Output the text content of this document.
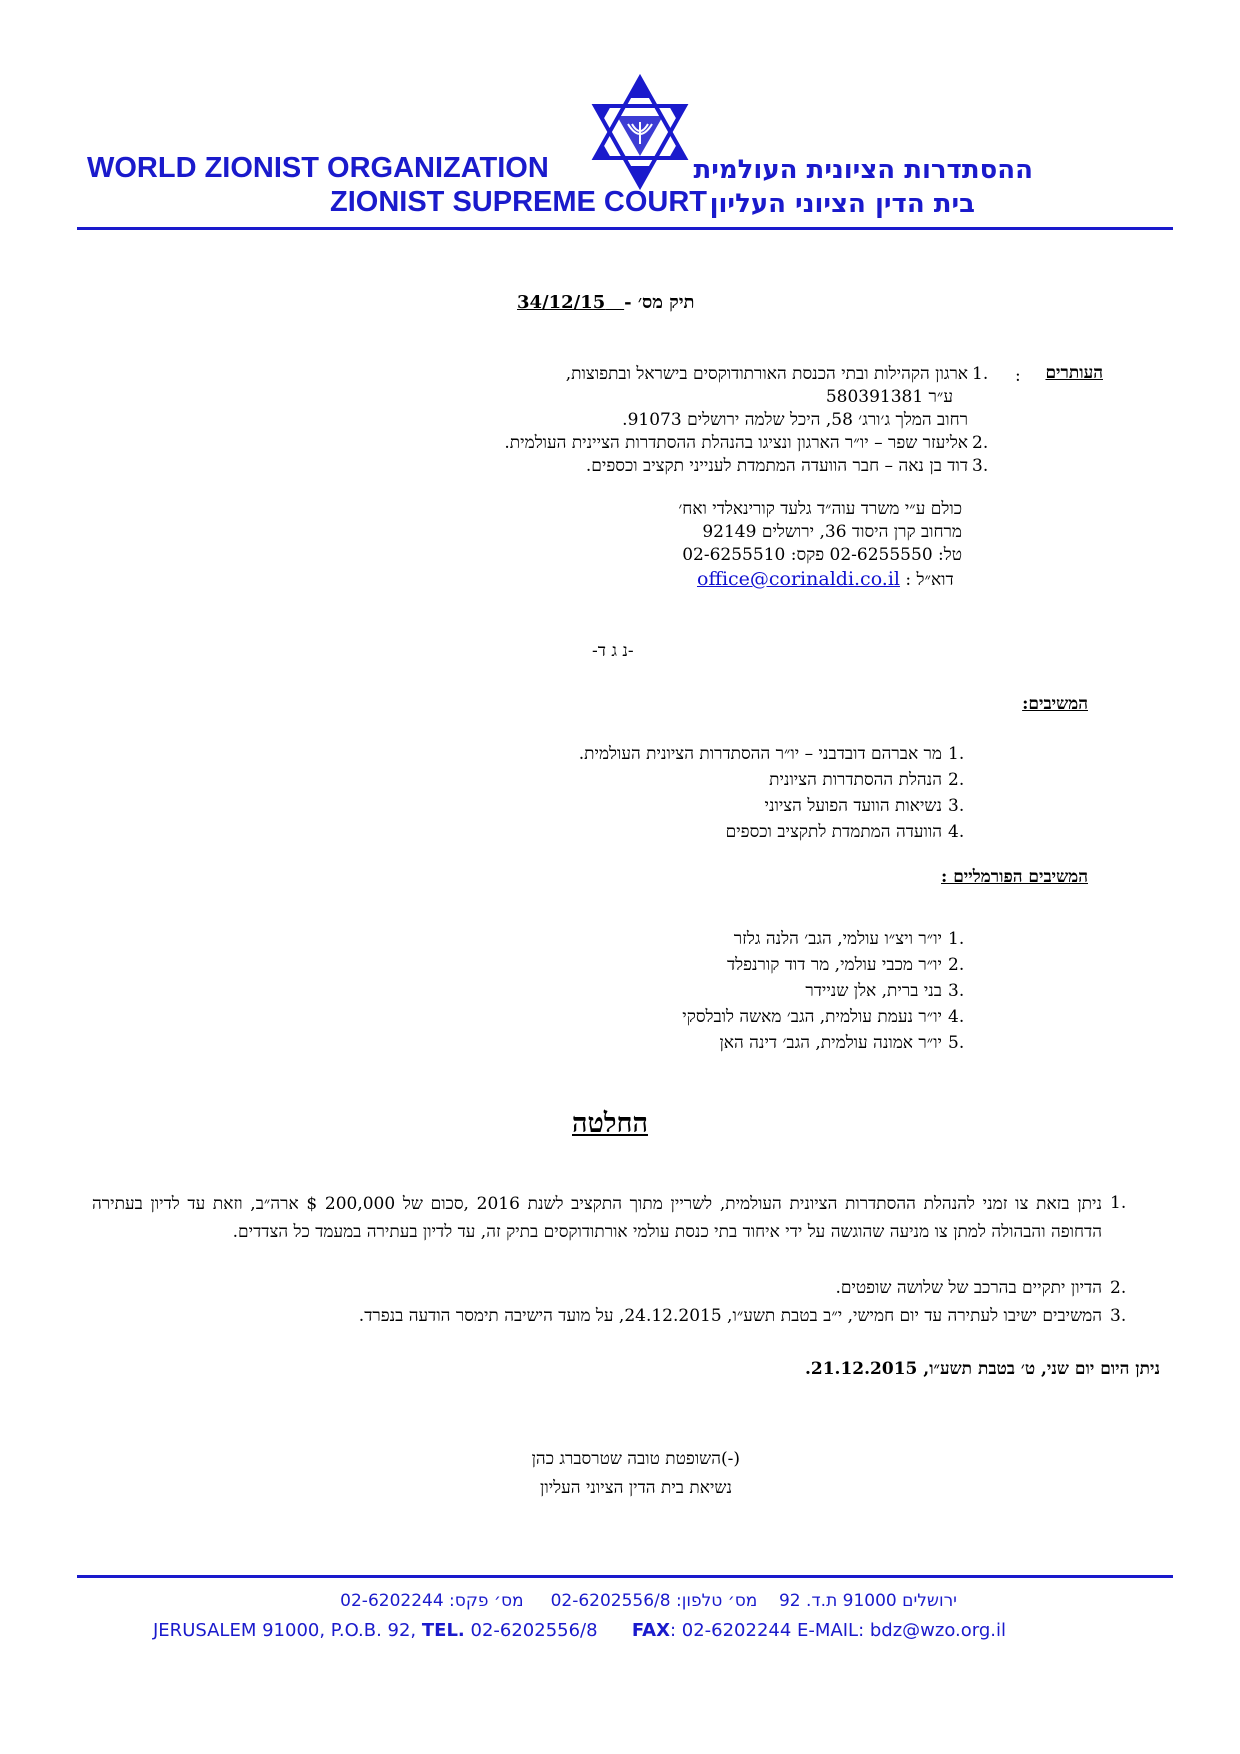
WORLD ZIONIST ORGANIZATION
ZIONIST SUPREME COURT
ההסתדרות הציונית העולמית
בית הדין הציוני העליון
34/12/15 תיק מס׳ -
העותרים
:
1.
ארגון הקהילות ובתי הכנסת האורתודוקסים בישראל ובתפוצות,
ע״ר 580391381
רחוב המלך ג׳ורג׳ 58, היכל שלמה ירושלים 91073.
2.
אליעזר שפר – יו״ר הארגון ונציגו בהנהלת ההסתדרות הציינית העולמית.
3.
דוד בן נאה – חבר הוועדה המתמדת לענייני תקציב וכספים.
כולם ע״י משרד עוה״ד גלעד קורינאלדי ואח׳
מרחוב קרן היסוד 36, ירושלים 92149
טל: 02-6255550 פקס: 02-6255510
office@corinaldi.co.il דוא״ל :
-נ ג ד-
המשיבים:
1.
מר אברהם דובדבני – יו״ר ההסתדרות הציונית העולמית.
2.
הנהלת ההסתדרות הציונית
3.
נשיאות הוועד הפועל הציוני
4.
הוועדה המתמדת לתקציב וכספים
המשיבים הפורמליים :
1.
יו״ר ויצ״ו עולמי, הגב׳ הלנה גלזר
2.
יו״ר מכבי עולמי, מר דוד קורנפלד
3.
בני ברית, אלן שניידר
4.
יו״ר נעמת עולמית, הגב׳ מאשה לובלסקי
5.
יו״ר אמונה עולמית, הגב׳ דינה האן
החלטה
1.
ניתן בזאת צו זמני להנהלת ההסתדרות הציונית העולמית, לשריין מתוך התקציב לשנת 2016 ,סכום של 200,000 $ ארה״ב, וזאת עד לדיון בעתירה הדחופה והבהולה למתן צו מניעה שהוגשה על ידי איחוד בתי כנסת עולמי אורתודוקסים בתיק זה, עד לדיון בעתירה במעמד כל הצדדים.
2.
הדיון יתקיים בהרכב של שלושה שופטים.
3.
המשיבים ישיבו לעתירה עד יום חמישי, י״ב בטבת תשע״ו, 24.12.2015, על מועד הישיבה תימסר הודעה בנפרד.
ניתן היום יום שני, ט׳ בטבת תשע״ו, 21.12.2015.
(-)השופטת טובה שטרסברג כהן
נשיאת בית הדין הציוני העליון
ירושלים 91000 ת.ד. 92    מס׳ טלפון: 02-6202556/8     מס׳ פקס: 02-6202244
JERUSALEM 91000, P.O.B. 92, TEL. 02-6202556/8 FAX: 02-6202244 E-MAIL: bdz@wzo.org.il
